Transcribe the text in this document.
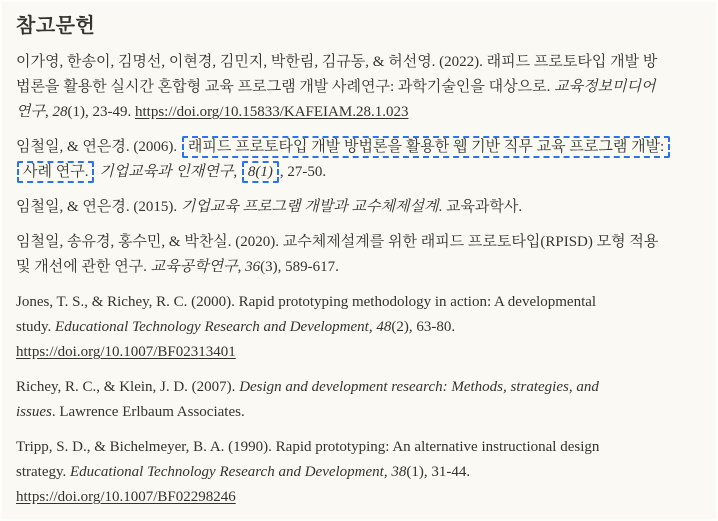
참고문헌
이가영, 한송이, 김명선, 이현경, 김민지, 박한림, 김규동, & 허선영. (2022). 래피드 프로토타입 개발 방
법론을 활용한 실시간 혼합형 교육 프로그램 개발 사례연구: 과학기술인을 대상으로. 교육정보미디어
연구, 28(1), 23-49. https://doi.org/10.15833/KAFEIAM.28.1.023
임철일, & 연은경. (2006). 래피드 프로토타입 개발 방법론을 활용한 웹 기반 직무 교육 프로그램 개발:
사례 연구. 기업교육과 인재연구, 8(1) , 27-50.
임철일, & 연은경. (2015). 기업교육 프로그램 개발과 교수체제설계. 교육과학사.
임철일, 송유경, 홍수민, & 박찬실. (2020). 교수체제설계를 위한 래피드 프로토타입(RPISD) 모형 적용
및 개선에 관한 연구. 교육공학연구, 36(3), 589-617.
Jones, T. S., & Richey, R. C. (2000). Rapid prototyping methodology in action: A developmental
study. Educational Technology Research and Development, 48(2), 63-80.
https://doi.org/10.1007/BF02313401
Richey, R. C., & Klein, J. D. (2007). Design and development research: Methods, strategies, and
issues. Lawrence Erlbaum Associates.
Tripp, S. D., & Bichelmeyer, B. A. (1990). Rapid prototyping: An alternative instructional design
strategy. Educational Technology Research and Development, 38(1), 31-44.
https://doi.org/10.1007/BF02298246
